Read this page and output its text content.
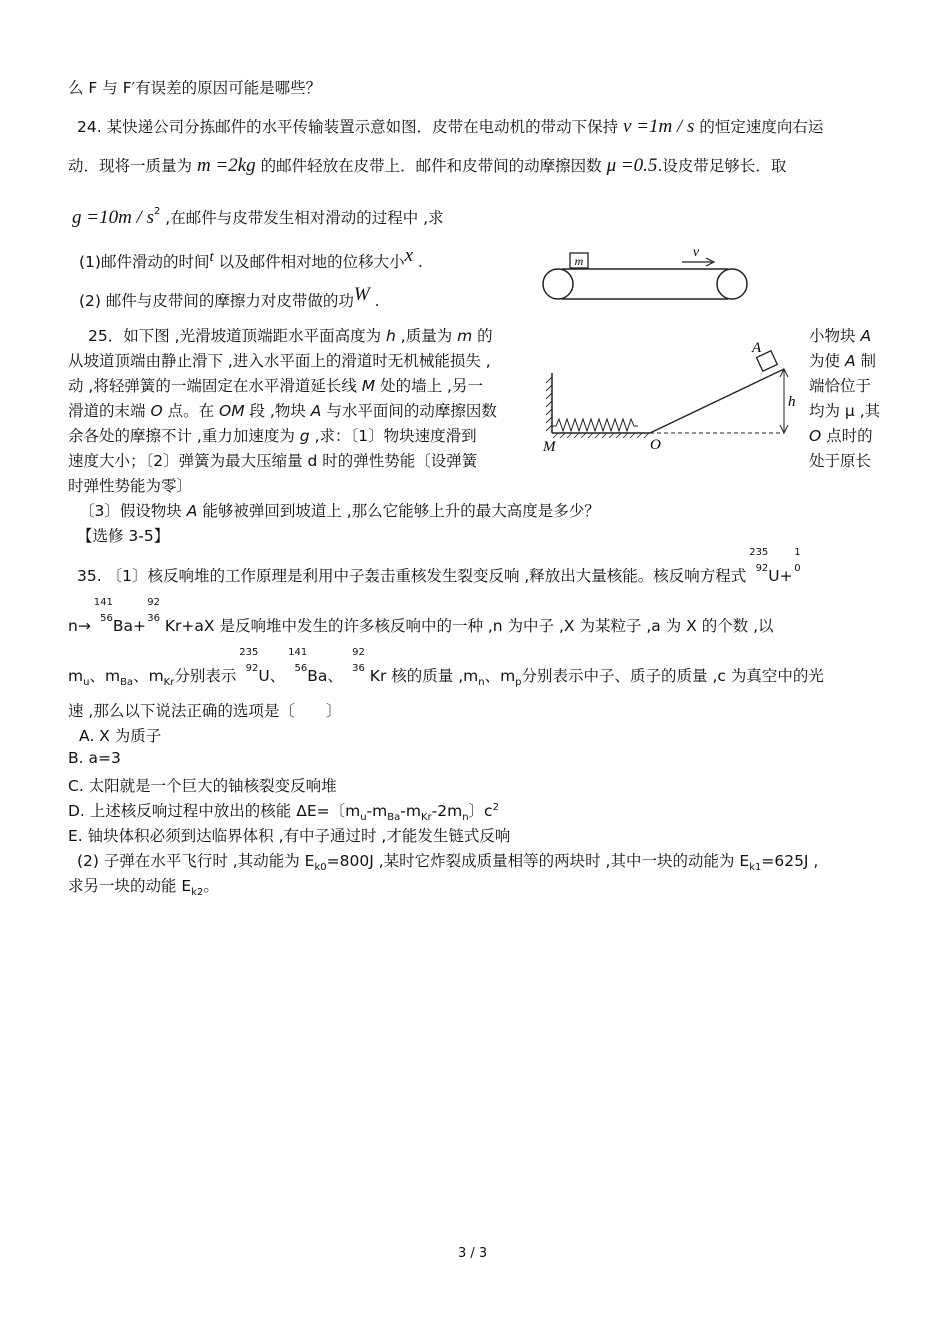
么 F 与 F′有误差的原因可能是哪些？
24. 某快递公司分拣邮件的水平传输装置示意如图．皮带在电动机的带动下保持 v =1m / s 的恒定速度向右运
动．现将一质量为 m =2kg 的邮件轻放在皮带上．邮件和皮带间的动摩擦因数 μ =0.5.设皮带足够长．取
$g =10m / s^2$ ,在邮件与皮带发生相对滑动的过程中 ,求
(1)邮件滑动的时间t 以及邮件相对地的位移大小x .
(2) 邮件与皮带间的摩擦力对皮带做的功W .
m
v
25．如下图 ,光滑坡道顶端距水平面高度为 h ,质量为 m 的
从坡道顶端由静止滑下 ,进入水平面上的滑道时无机械能损失 ,
动 ,将轻弹簧的一端固定在水平滑道延长线 M 处的墙上 ,另一
滑道的末端 O 点。在 OM 段 ,物块 A 与水平面间的动摩擦因数
余各处的摩擦不计 ,重力加速度为 g ,求：〔1〕物块速度滑到
速度大小；〔2〕弹簧为最大压缩量 d 时的弹性势能〔设弹簧
时弹性势能为零〕
小物块 A
为使 A 制
端恰位于
均为 μ ,其
O 点时的
处于原长
A
h
M	O
〔3〕假设物块 A 能够被弹回到坡道上 ,那么它能够上升的最大高度是多少？
【选修 3-5】
35. 〔1〕核反响堆的工作原理是利用中子轰击重核发生裂变反响 ,释放出大量核能。核反响方程式
235
92 U+
1
0
n→
141
56 Ba+
92
36 Kr+aX 是反响堆中发生的许多核反响中的一种 ,n 为中子 ,X 为某粒子 ,a 为 X 的个数 ,以
$m_u$、$m_{Ba}$、$m_{Kr}$分别表示
235
92 U、
141
56 Ba、
92
36 Kr 核的质量 $,m_n$、$m_p$分别表示中子、质子的质量 ,c 为真空中的光
速 ,那么以下说法正确的选项是〔　　〕
A. X 为质子
B. a=3
C. 太阳就是一个巨大的铀核裂变反响堆
D. 上述核反响过程中放出的核能 ΔE=〔$m_u-m_{Ba}-m_{Kr}-2m_n$〕$c^2$
E. 铀块体积必须到达临界体积 ,有中子通过时 ,才能发生链式反响
(2) 子弹在水平飞行时 ,其动能为 $E_{k0}=800J$ ,某时它炸裂成质量相等的两块时 ,其中一块的动能为 $E_{k1}=625J$ ,
求另一块的动能 $E_{k2}$。
3 / 3
